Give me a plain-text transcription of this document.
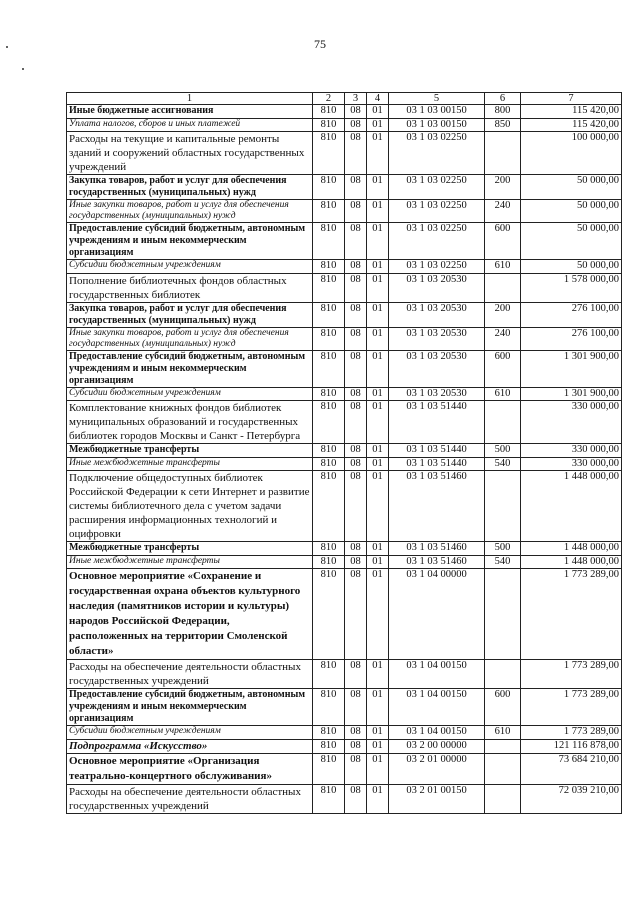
75
1	2	3	4	5	6	7
Иные бюджетные ассигнования	810	08	01	03 1 03 00150	800	115 420,00
Уплата налогов, сборов и иных платежей	810	08	01	03 1 03 00150	850	115 420,00
Расходы на текущие и капитальные ремонты зданий и сооружений областных государственных учреждений	810	08	01	03 1 03 02250		100 000,00
Закупка товаров, работ и услуг для обеспечения государственных (муниципальных) нужд	810	08	01	03 1 03 02250	200	50 000,00
Иные закупки товаров, работ и услуг для обеспечения государственных (муниципальных) нужд	810	08	01	03 1 03 02250	240	50 000,00
Предоставление субсидий бюджетным, автономным учреждениям и иным некоммерческим организациям	810	08	01	03 1 03 02250	600	50 000,00
Субсидии бюджетным учреждениям	810	08	01	03 1 03 02250	610	50 000,00
Пополнение библиотечных фондов областных государственных библиотек	810	08	01	03 1 03 20530		1 578 000,00
Закупка товаров, работ и услуг для обеспечения государственных (муниципальных) нужд	810	08	01	03 1 03 20530	200	276 100,00
Иные закупки товаров, работ и услуг для обеспечения государственных (муниципальных) нужд	810	08	01	03 1 03 20530	240	276 100,00
Предоставление субсидий бюджетным, автономным учреждениям и иным некоммерческим организациям	810	08	01	03 1 03 20530	600	1 301 900,00
Субсидии бюджетным учреждениям	810	08	01	03 1 03 20530	610	1 301 900,00
Комплектование книжных фондов библиотек муниципальных образований и государственных библиотек городов Москвы и Санкт - Петербурга	810	08	01	03 1 03 51440		330 000,00
Межбюджетные трансферты	810	08	01	03 1 03 51440	500	330 000,00
Иные межбюджетные трансферты	810	08	01	03 1 03 51440	540	330 000,00
Подключение общедоступных библиотек Российской Федерации к сети Интернет и развитие системы библиотечного дела с учетом задачи расширения информационных технологий и оцифровки	810	08	01	03 1 03 51460		1 448 000,00
Межбюджетные трансферты	810	08	01	03 1 03 51460	500	1 448 000,00
Иные межбюджетные трансферты	810	08	01	03 1 03 51460	540	1 448 000,00
Основное мероприятие «Сохранение и государственная охрана объектов культурного наследия (памятников истории и культуры) народов Российской Федерации, расположенных на территории Смоленской области»	810	08	01	03 1 04 00000		1 773 289,00
Расходы на обеспечение деятельности областных государственных учреждений	810	08	01	03 1 04 00150		1 773 289,00
Предоставление субсидий бюджетным, автономным учреждениям и иным некоммерческим организациям	810	08	01	03 1 04 00150	600	1 773 289,00
Субсидии бюджетным учреждениям	810	08	01	03 1 04 00150	610	1 773 289,00
Подпрограмма «Искусство»	810	08	01	03 2 00 00000		121 116 878,00
Основное мероприятие «Организация театрально-концертного обслуживания»	810	08	01	03 2 01 00000		73 684 210,00
Расходы на обеспечение деятельности областных государственных учреждений	810	08	01	03 2 01 00150		72 039 210,00
